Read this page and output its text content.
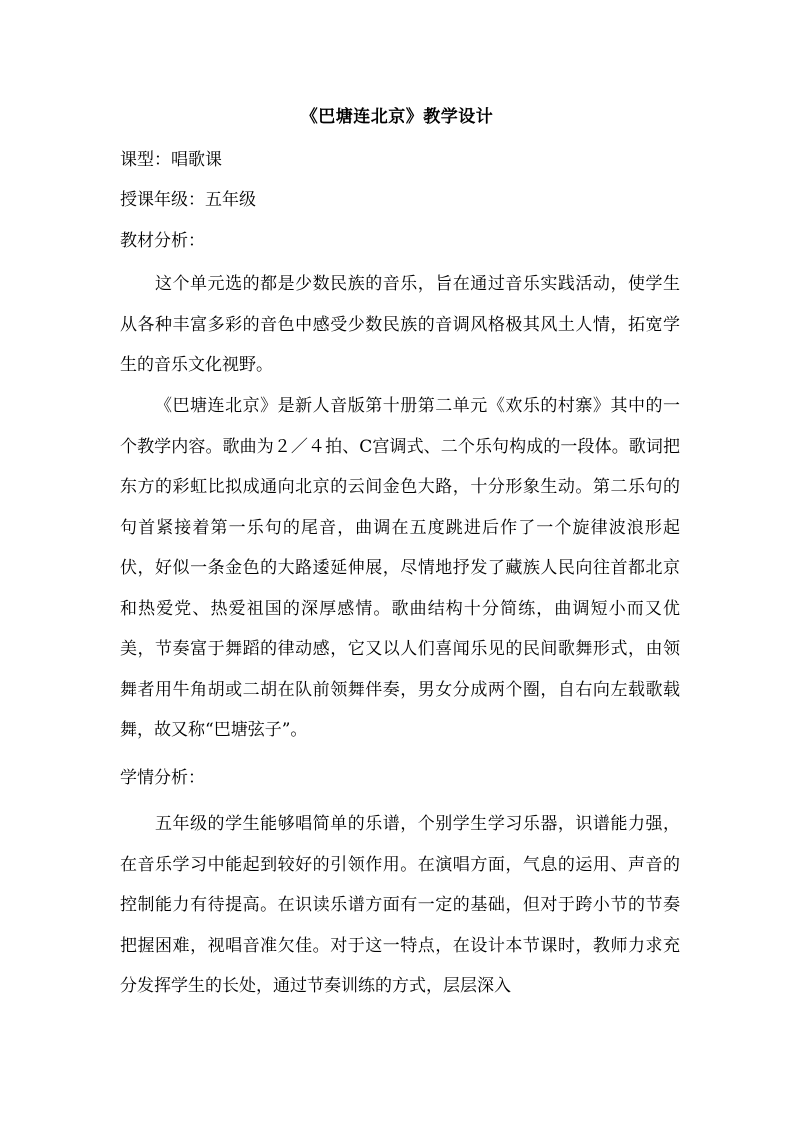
《巴塘连北京》教学设计
课型：唱歌课
授课年级：五年级
教材分析：

这个单元选的都是少数民族的音乐，旨在通过音乐实践活动，使学生从各种丰富多彩的音色中感受少数民族的音调风格极其风土人情，拓宽学生的音乐文化视野。

《巴塘连北京》是新人音版第十册第二单元《欢乐的村寨》其中的一个教学内容。歌曲为２／４拍、C宫调式、二个乐句构成的一段体。歌词把东方的彩虹比拟成通向北京的云间金色大路，十分形象生动。第二乐句的句首紧接着第一乐句的尾音，曲调在五度跳进后作了一个旋律波浪形起伏，好似一条金色的大路逶延伸展，尽情地抒发了藏族人民向往首都北京和热爱党、热爱祖国的深厚感情。歌曲结构十分简练，曲调短小而又优美，节奏富于舞蹈的律动感，它又以人们喜闻乐见的民间歌舞形式，由领舞者用牛角胡或二胡在队前领舞伴奏，男女分成两个圈，自右向左载歌载舞，故又称“巴塘弦子”。

学情分析：

五年级的学生能够唱简单的乐谱，个别学生学习乐器，识谱能力强，在音乐学习中能起到较好的引领作用。在演唱方面，气息的运用、声音的控制能力有待提高。在识读乐谱方面有一定的基础，但对于跨小节的节奏把握困难，视唱音准欠佳。对于这一特点，在设计本节课时，教师力求充分发挥学生的长处，通过节奏训练的方式，层层深入
